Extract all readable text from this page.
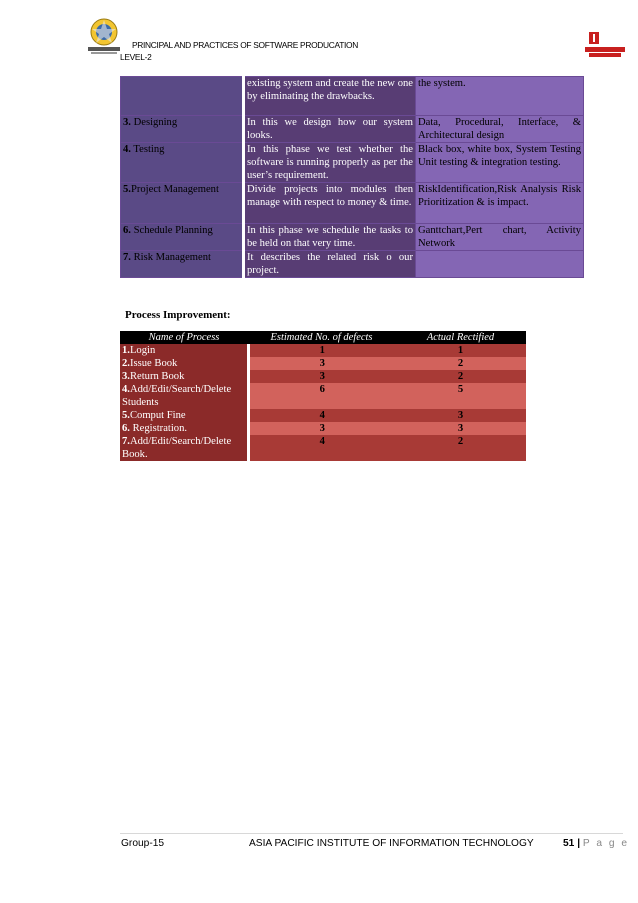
PRINCIPAL AND PRACTICES OF SOFTWARE PRODUCATION
LEVEL-2
	existing system and create the new one by eliminating the drawbacks.	the system.
3. Designing	In this we design how our system looks.	Data, Procedural, Interface, & Architectural design
4. Testing	In this phase we test whether the software is running properly as per the user’s requirement.	Black box, white box, System Testing Unit testing & integration testing.
5.Project Management	Divide projects into modules then manage with respect to money & time.	RiskIdentification,Risk Analysis Risk Prioritization & is impact.
6. Schedule Planning	In this phase we schedule the tasks to be held on that very time.	Ganttchart,Pert chart, Activity Network
7. Risk Management	It describes the related risk o our project.	
Process Improvement:
Name of Process	Estimated No. of defects	Actual Rectified
1.Login	1	1
2.Issue Book	3	2
3.Return Book	3	2
4.Add/Edit/Search/Delete	6	5
Students		
5.Comput Fine	4	3
6. Registration.	3	3
7.Add/Edit/Search/Delete	4	2
Book.		
Group-15	ASIA PACIFIC INSTITUTE OF INFORMATION TECHNOLOGY	51 | P a g e
